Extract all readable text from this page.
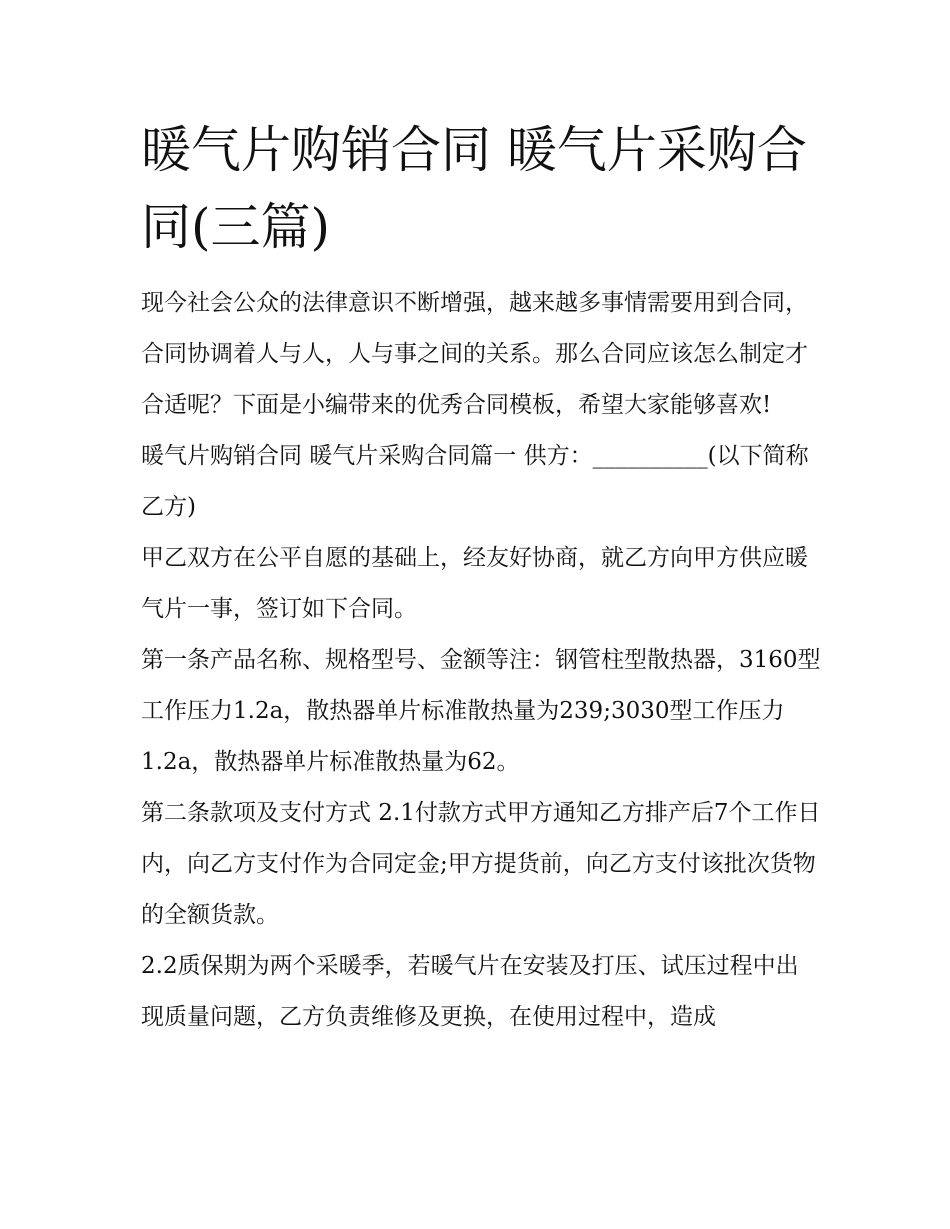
暖气片购销合同 暖气片采购合同(三篇)

现今社会公众的法律意识不断增强，越来越多事情需要用到合同，合同协调着人与人，人与事之间的关系。那么合同应该怎么制定才合适呢？下面是小编带来的优秀合同模板，希望大家能够喜欢!

暖气片购销合同 暖气片采购合同篇一 供方：__________(以下简称乙方)

甲乙双方在公平自愿的基础上，经友好协商，就乙方向甲方供应暖气片一事，签订如下合同。

第一条产品名称、规格型号、金额等注：钢管柱型散热器，3160型工作压力1.2a，散热器单片标准散热量为239;3030型工作压力1.2a，散热器单片标准散热量为62。

第二条款项及支付方式 2.1付款方式甲方通知乙方排产后7个工作日内，向乙方支付作为合同定金;甲方提货前，向乙方支付该批次货物的全额货款。

2.2质保期为两个采暖季，若暖气片在安装及打压、试压过程中出现质量问题，乙方负责维修及更换，在使用过程中，造成
